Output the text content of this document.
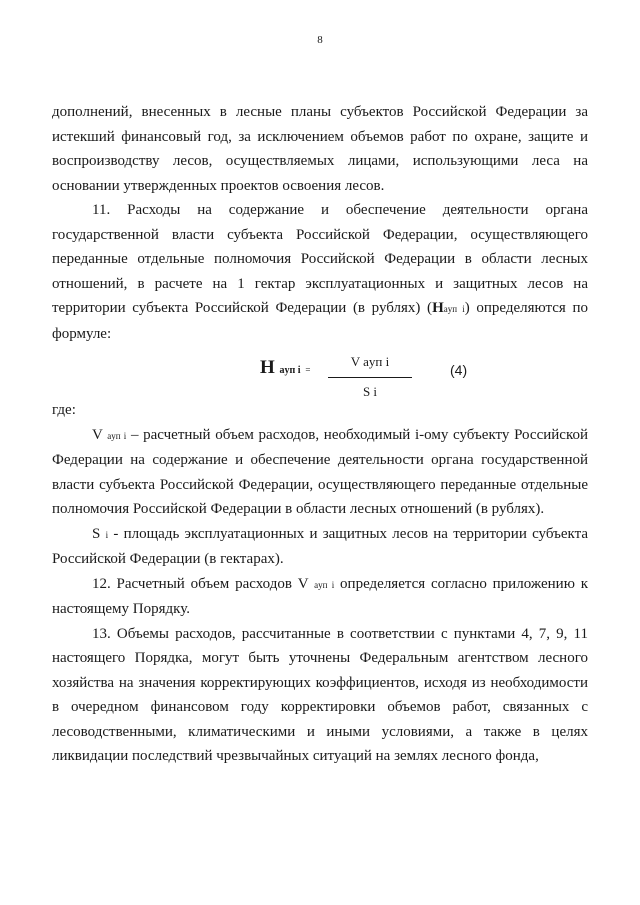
8

дополнений, внесенных в лесные планы субъектов Российской Федерации за истекший финансовый год, за исключением объемов работ по охране, защите и воспроизводству лесов, осуществляемых лицами, использующими леса на основании утвержденных проектов освоения лесов.

11. Расходы на содержание и обеспечение деятельности органа государственной власти субъекта Российской Федерации, осуществляющего переданные отдельные полномочия Российской Федерации в области лесных отношений, в расчете на 1 гектар эксплуатационных и защитных лесов на территории субъекта Российской Федерации (в рублях) (Наyп i) определяются по формуле:

Н аyп i =
V аyп i
S i
(4)

где:

V аyп i – расчетный объем расходов, необходимый i-ому субъекту Российской Федерации на содержание и обеспечение деятельности органа государственной власти субъекта Российской Федерации, осуществляющего переданные отдельные полномочия Российской Федерации в области лесных отношений (в рублях).

S i - площадь эксплуатационных и защитных лесов на территории субъекта Российской Федерации (в гектарах).

12. Расчетный объем расходов V аyп i определяется согласно приложению к настоящему Порядку.

13. Объемы расходов, рассчитанные в соответствии с пунктами 4, 7, 9, 11 настоящего Порядка, могут быть уточнены Федеральным агентством лесного хозяйства на значения корректирующих коэффициентов, исходя из необходимости в очередном финансовом году корректировки объемов работ, связанных с лесоводственными, климатическими и иными условиями, а также в целях ликвидации последствий чрезвычайных ситуаций на землях лесного фонда,
